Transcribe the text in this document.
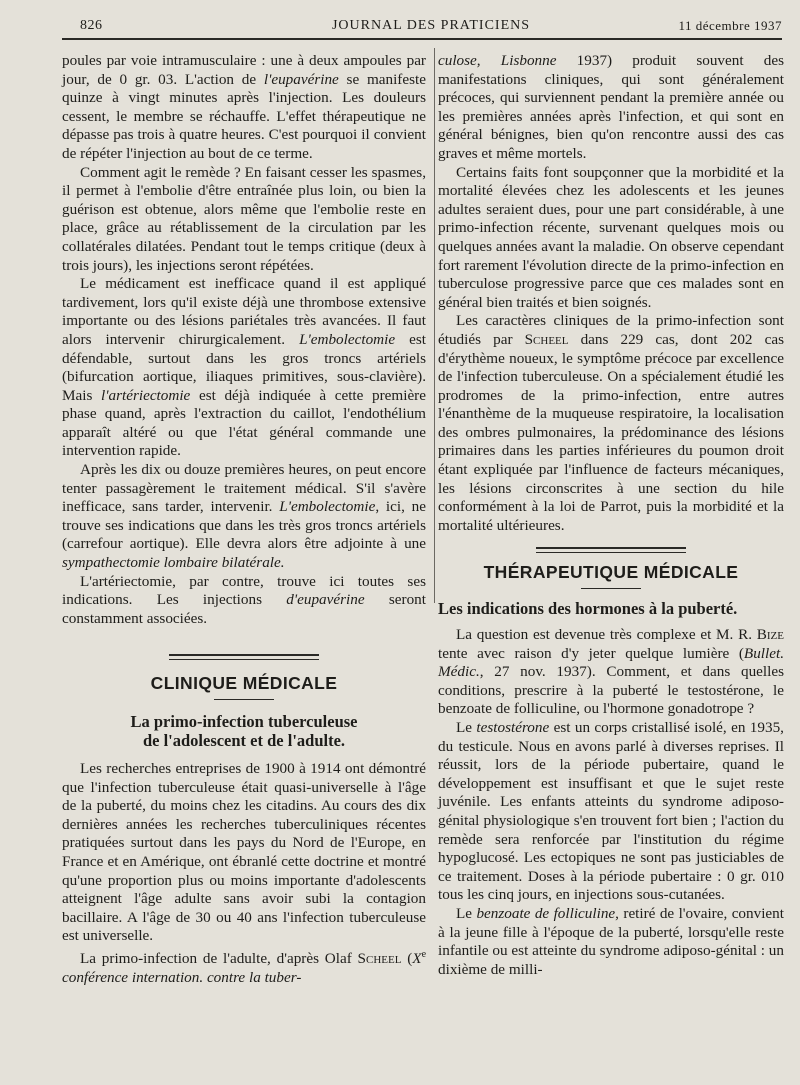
826	JOURNAL DES PRATICIENS	11 décembre 1937

poules par voie intramusculaire : une à deux ampoules par jour, de 0 gr. 03. L'action de l'eupavérine se manifeste quinze à vingt minutes après l'injection. Les douleurs cessent, le membre se réchauffe. L'effet thérapeutique ne dépasse pas trois à quatre heures. C'est pourquoi il convient de répéter l'injection au bout de ce terme.

Comment agit le remède ? En faisant cesser les spasmes, il permet à l'embolie d'être entraînée plus loin, ou bien la guérison est obtenue, alors même que l'embolie reste en place, grâce au rétablissement de la circulation par les collatérales dilatées. Pendant tout le temps critique (deux à trois jours), les injections seront répétées.

Le médicament est inefficace quand il est appliqué tardivement, lors qu'il existe déjà une thrombose extensive importante ou des lésions pariétales très avancées. Il faut alors intervenir chirurgicalement. L'embolectomie est défendable, surtout dans les gros troncs artériels (bifurcation aortique, iliaques primitives, sous-clavière). Mais l'artériectomie est déjà indiquée à cette première phase quand, après l'extraction du caillot, l'endothélium apparaît altéré ou que l'état général commande une intervention rapide.

Après les dix ou douze premières heures, on peut encore tenter passagèrement le traitement médical. S'il s'avère inefficace, sans tarder, intervenir. L'embolectomie, ici, ne trouve ses indications que dans les très gros troncs artériels (carrefour aortique). Elle devra alors être adjointe à une sympathectomie lombaire bilatérale.

L'artériectomie, par contre, trouve ici toutes ses indications. Les injections d'eupavérine seront constamment associées.

CLINIQUE MÉDICALE
La primo-infection tuberculeuse
de l'adolescent et de l'adulte.

Les recherches entreprises de 1900 à 1914 ont démontré que l'infection tuberculeuse était quasi-universelle à l'âge de la puberté, du moins chez les citadins. Au cours des dix dernières années les recherches tuberculiniques récentes pratiquées surtout dans les pays du Nord de l'Europe, en France et en Amérique, ont ébranlé cette doctrine et montré qu'une proportion plus ou moins importante d'adolescents atteignent l'âge adulte sans avoir subi la contagion bacillaire. A l'âge de 30 ou 40 ans l'infection tuberculeuse est universelle.

La primo-infection de l'adulte, d'après Olaf Scheel (Xe conférence internation. contre la tuber-

culose, Lisbonne 1937) produit souvent des manifestations cliniques, qui sont généralement précoces, qui surviennent pendant la première année ou les premières années après l'infection, et qui sont en général bénignes, bien qu'on rencontre aussi des cas graves et même mortels.

Certains faits font soupçonner que la morbidité et la mortalité élevées chez les adolescents et les jeunes adultes seraient dues, pour une part considérable, à une primo-infection récente, survenant quelques mois ou quelques années avant la maladie. On observe cependant fort rarement l'évolution directe de la primo-infection en tuberculose progressive parce que ces malades sont en général bien traités et bien soignés.

Les caractères cliniques de la primo-infection sont étudiés par Scheel dans 229 cas, dont 202 cas d'érythème noueux, le symptôme précoce par excellence de l'infection tuberculeuse. On a spécialement étudié les prodromes de la primo-infection, entre autres l'énanthème de la muqueuse respiratoire, la localisation des ombres pulmonaires, la prédominance des lésions primaires dans les parties inférieures du poumon droit étant expliquée par l'influence de facteurs mécaniques, les lésions circonscrites à une section du hile conformément à la loi de Parrot, puis la morbidité et la mortalité ultérieures.

THÉRAPEUTIQUE MÉDICALE
Les indications des hormones à la puberté.

La question est devenue très complexe et M. R. Bize tente avec raison d'y jeter quelque lumière (Bullet. Médic., 27 nov. 1937). Comment, et dans quelles conditions, prescrire à la puberté le testostérone, le benzoate de folliculine, ou l'hormone gonadotrope ?

Le testostérone est un corps cristallisé isolé, en 1935, du testicule. Nous en avons parlé à diverses reprises. Il réussit, lors de la période pubertaire, quand le développement est insuffisant et que le sujet reste juvénile. Les enfants atteints du syndrome adiposo-génital physiologique s'en trouvent fort bien ; l'action du remède sera renforcée par l'institution du régime hypoglucosé. Les ectopiques ne sont pas justiciables de ce traitement. Doses à la période pubertaire : 0 gr. 010 tous les cinq jours, en injections sous-cutanées.

Le benzoate de folliculine, retiré de l'ovaire, convient à la jeune fille à l'époque de la puberté, lorsqu'elle reste infantile ou est atteinte du syndrome adiposo-génital : un dixième de milli-
